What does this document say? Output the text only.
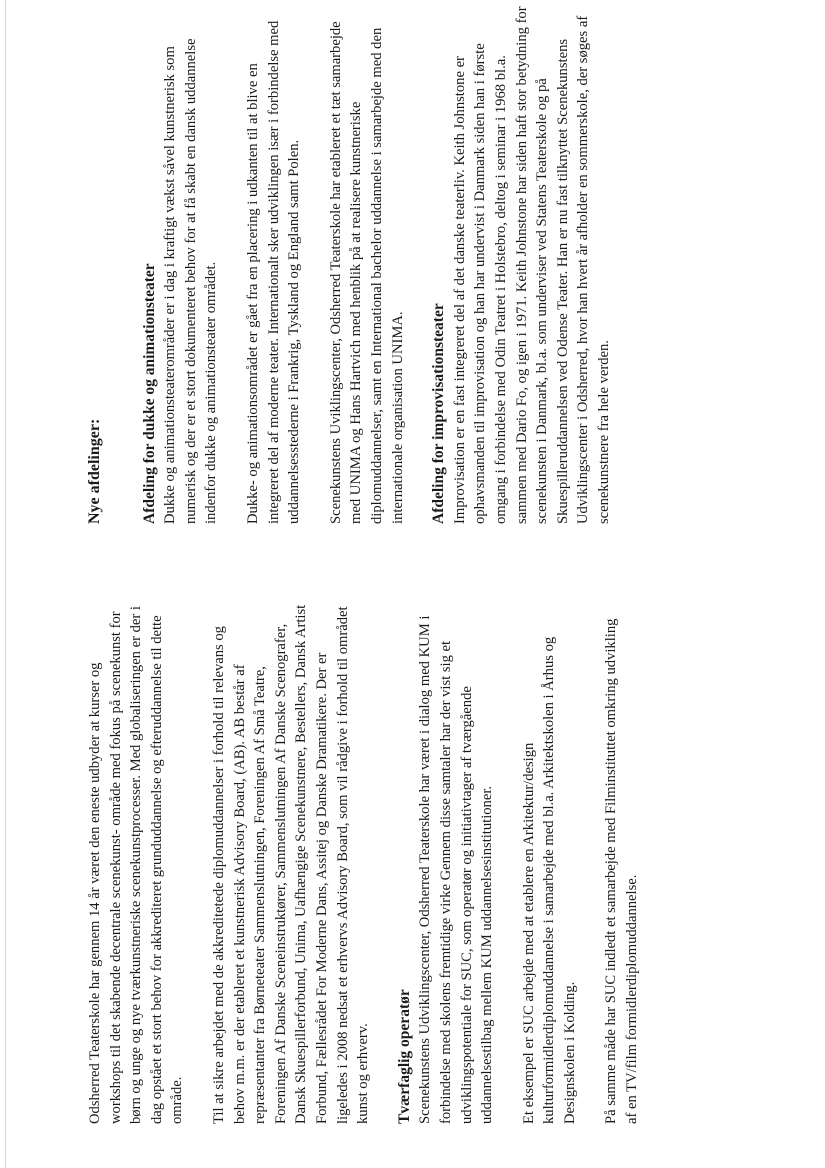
Odsherred Teaterskole har gennem 14 år været den eneste udbyder at kurser og workshops til det skabende decentrale scenekunst- område med fokus på scenekunst for børn og unge og nye tværkunstneriske scenekunstprocesser. Med globaliseringen er der i dag opstået et stort behov for akkrediteret grunduddannelse og efteruddannelse til dette område. Til at sikre arbejdet med de akkreditetede diplomuddannelser i forhold til relevans og behov m.m. er der etableret et kunstnerisk Advisory Board, (AB). AB består af repræsentanter fra Børneteater Sammenslutningen, Foreningen Af Små Teatre, Foreningen Af Danske Sceneinstruktører, Sammenslutningen Af Danske Scenografer, Dansk Skuespillerforbund, Unima, Uafhængige Scenekunstnere, Bestellers, Dansk Artist Forbund, Fællesrådet For Moderne Dans, Assitej og Danske Dramatikere. Der er ligeledes i 2008 nedsat et erhvervs Advisory Board, som vil rådgive i forhold til området kunst og erhverv. Tværfaglig operatør Scenekunstens Udviklingscenter, Odsherred Teaterskole har været i dialog med KUM i forbindelse med skolens fremtidige virke Gennem disse samtaler har der vist sig et udviklingspotentiale for SUC, som operatør og initiativtager af tværgående uddannelsestilbag mellem KUM uddannelsesinstitutioner. Et eksempel er SUC arbejde med at etablere en Arkitektur/design kulturformidlerdiplomuddannelse i samarbejde med bl.a. Arkitektskolen i Århus og Designskolen i Kolding. På samme måde har SUC indledt et samarbejde med Filminstituttet omkring udvikling af en TV/film formidlerdiplomuddannelse.

Nye afdelinger: Afdeling for dukke og animationsteater Dukke og animationsteaterområder er i dag i kraftigt vækst såvel kunstnerisk som numerisk og der er et stort dokumenteret behov for at få skabt en dansk uddannelse indenfor dukke og animationsteater området. Dukke- og animationsområdet er gået fra en placering i udkanten til at blive en integreret del af moderne teater. Internationalt sker udviklingen især i forbindelse med uddannelsesstederne i Frankrig, Tyskland og England samt Polen. Scenekunstens Uviklingscenter, Odsherred Teaterskole har etableret et tæt samarbejde med UNIMA og Hans Hartvich med henblik på at realisere kunstneriske diplomuddannelser, samt en International bachelor uddannelse i samarbejde med den internationale organisation UNIMA. Afdeling for improvisationsteater Improvisation er en fast integreret del af det danske teaterliv. Keith Johnstone er ophavsmanden til improvisation og han har undervist i Danmark siden han i første omgang i forbindelse med Odin Teatret i Holstebro, deltog i seminar i 1968 bl.a. sammen med Dario Fo, og igen i 1971. Keith Johnstone har siden haft stor betydning for scenekunsten i Danmark, bl.a. som underviser ved Statens Teaterskole og på Skuespilleruddannelsen ved Odense Teater. Han er nu fast tilknyttet Scenekunstens Udviklingscenter i Odsherred, hvor han hvert år afholder en sommerskole, der søges af scenekunstnere fra hele verden.
